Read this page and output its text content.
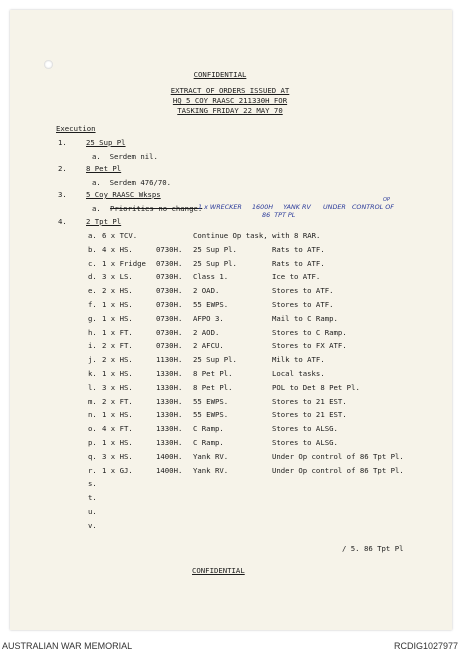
CONFIDENTIAL
EXTRACT OF ORDERS ISSUED AT
HQ 5 COY RAASC 211330H FOR
TASKING FRIDAY 22 MAY 70
Execution
1.	25 Sup Pl
a.  Serdem nil.
2.	8 Pet Pl
a.  Serdem 476/70.
3.	5 Coy RAASC Wksps
a. Priorities no change.
1 x WRECKER     1600H     YANK RV      UNDER   CONTROL OF
86  TPT PL
OP
4.	2 Tpt Pl
a. 6 x TCV.	Continue Op task, with 8 RAR.
b. 4 x HS.	0730H. 25 Sup Pl.	Rats to ATF.
c. 1 x Fridge 0730H. 25 Sup Pl.	Rats to ATF.
d. 3 x LS.	0730H. Class 1.	Ice to ATF.
e. 2 x HS.	0730H. 2 OAD.	Stores to ATF.
f. 1 x HS.	0730H. 55 EWPS.	Stores to ATF.
g. 1 x HS.	0730H. AFPO 3.	Mail to C Ramp.
h. 1 x FT.	0730H. 2 AOD.	Stores to C Ramp.
i. 2 x FT.	0730H. 2 AFCU.	Stores to FX ATF.
j. 2 x HS.	1130H. 25 Sup Pl.	Milk to ATF.
k. 1 x HS.	1330H. 8 Pet Pl.	Local tasks.
l. 3 x HS.	1330H. 8 Pet Pl.	POL to Det 8 Pet Pl.
m. 2 x FT.	1330H. 55 EWPS.	Stores to 21 EST.
n. 1 x HS.	1330H. 55 EWPS.	Stores to 21 EST.
o. 4 x FT.	1330H. C Ramp.	Stores to ALSG.
p. 1 x HS.	1330H. C Ramp.	Stores to ALSG.
q. 3 x HS.	1400H. Yank RV.	Under Op control of 86 Tpt Pl.
r. 1 x GJ.	1400H. Yank RV.	Under Op control of 86 Tpt Pl.
s.
t.
u.
v.
/ 5. 86 Tpt Pl
CONFIDENTIAL
AUSTRALIAN WAR MEMORIAL	RCDIG1027977
